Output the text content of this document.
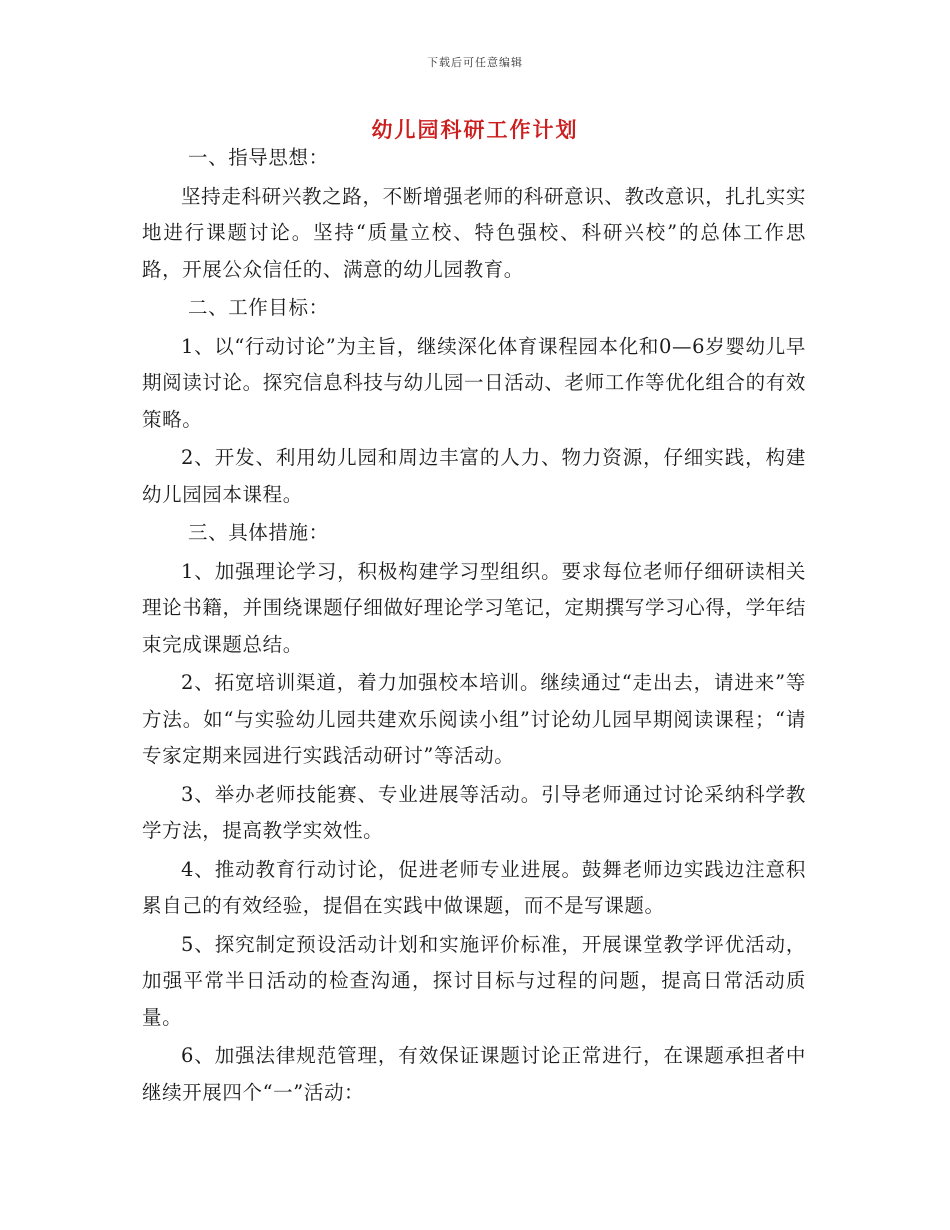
下载后可任意编辑
幼儿园科研工作计划

一、指导思想：

坚持走科研兴教之路，不断增强老师的科研意识、教改意识，扎扎实实地进行课题讨论。坚持“质量立校、特色强校、科研兴校”的总体工作思路，开展公众信任的、满意的幼儿园教育。

二、工作目标：

1、以“行动讨论”为主旨，继续深化体育课程园本化和0—6岁婴幼儿早期阅读讨论。探究信息科技与幼儿园一日活动、老师工作等优化组合的有效策略。

2、开发、利用幼儿园和周边丰富的人力、物力资源，仔细实践，构建幼儿园园本课程。

三、具体措施：

1、加强理论学习，积极构建学习型组织。要求每位老师仔细研读相关理论书籍，并围绕课题仔细做好理论学习笔记，定期撰写学习心得，学年结束完成课题总结。

2、拓宽培训渠道，着力加强校本培训。继续通过“走出去，请进来”等方法。如“与实验幼儿园共建欢乐阅读小组”讨论幼儿园早期阅读课程；“请专家定期来园进行实践活动研讨”等活动。

3、举办老师技能赛、专业进展等活动。引导老师通过讨论采纳科学教学方法，提高教学实效性。

4、推动教育行动讨论，促进老师专业进展。鼓舞老师边实践边注意积累自己的有效经验，提倡在实践中做课题，而不是写课题。

5、探究制定预设活动计划和实施评价标准，开展课堂教学评优活动，加强平常半日活动的检查沟通，探讨目标与过程的问题，提高日常活动质量。

6、加强法律规范管理，有效保证课题讨论正常进行，在课题承担者中继续开展四个“一”活动：
